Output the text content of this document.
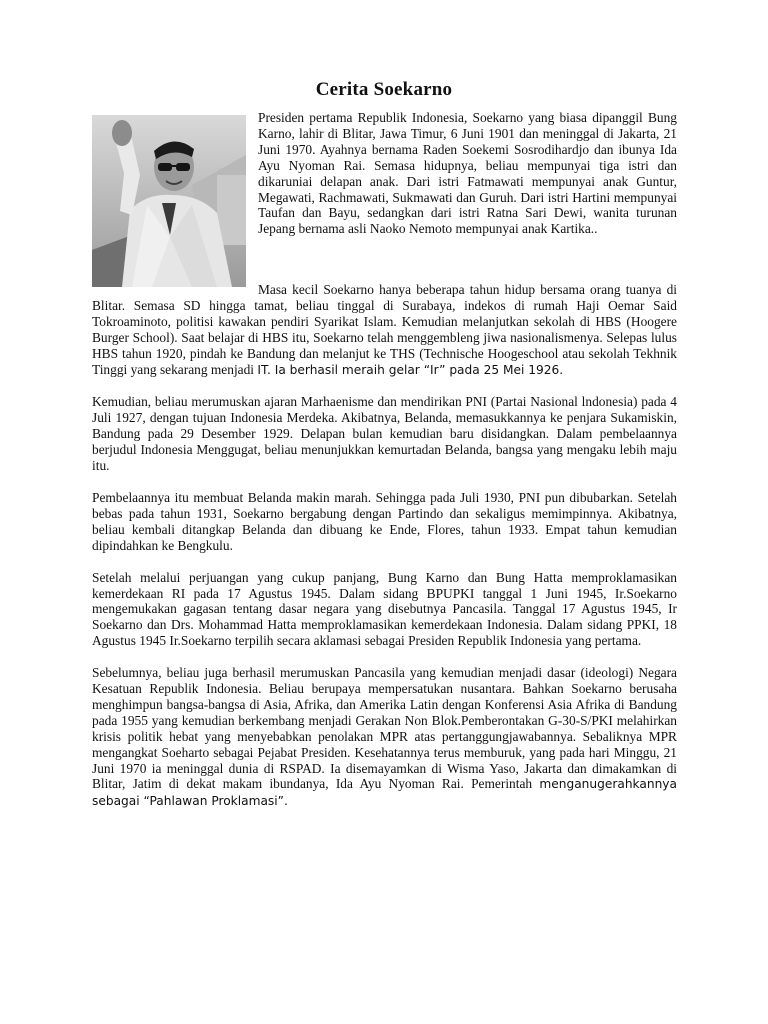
Cerita Soekarno
Presiden pertama Republik Indonesia, Soekarno yang biasa dipanggil Bung Karno, lahir di Blitar, Jawa Timur, 6 Juni 1901 dan meninggal di Jakarta, 21 Juni 1970. Ayahnya bernama Raden Soekemi Sosrodihardjo dan ibunya Ida Ayu Nyoman Rai. Semasa hidupnya, beliau mempunyai tiga istri dan dikaruniai delapan anak. Dari istri Fatmawati mempunyai anak Guntur, Megawati, Rachmawati, Sukmawati dan Guruh. Dari istri Hartini mempunyai Taufan dan Bayu, sedangkan dari istri Ratna Sari Dewi, wanita turunan Jepang bernama asli Naoko Nemoto mempunyai anak Kartika..

Masa kecil Soekarno hanya beberapa tahun hidup bersama orang tuanya di Blitar. Semasa SD hingga tamat, beliau tinggal di Surabaya, indekos di rumah Haji Oemar Said Tokroaminoto, politisi kawakan pendiri Syarikat Islam. Kemudian melanjutkan sekolah di HBS (Hoogere Burger School). Saat belajar di HBS itu, Soekarno telah menggembleng jiwa nasionalismenya. Selepas lulus HBS tahun 1920, pindah ke Bandung dan melanjut ke THS (Technische Hoogeschool atau sekolah Tekhnik Tinggi yang sekarang menjadi IT. Ia berhasil meraih gelar “Ir” pada 25 Mei 1926.

Kemudian, beliau merumuskan ajaran Marhaenisme dan mendirikan PNI (Partai Nasional lndonesia) pada 4 Juli 1927, dengan tujuan Indonesia Merdeka. Akibatnya, Belanda, memasukkannya ke penjara Sukamiskin, Bandung pada 29 Desember 1929. Delapan bulan kemudian baru disidangkan. Dalam pembelaannya berjudul Indonesia Menggugat, beliau menunjukkan kemurtadan Belanda, bangsa yang mengaku lebih maju itu.

Pembelaannya itu membuat Belanda makin marah. Sehingga pada Juli 1930, PNI pun dibubarkan. Setelah bebas pada tahun 1931, Soekarno bergabung dengan Partindo dan sekaligus memimpinnya. Akibatnya, beliau kembali ditangkap Belanda dan dibuang ke Ende, Flores, tahun 1933. Empat tahun kemudian dipindahkan ke Bengkulu.

Setelah melalui perjuangan yang cukup panjang, Bung Karno dan Bung Hatta memproklamasikan kemerdekaan RI pada 17 Agustus 1945. Dalam sidang BPUPKI tanggal 1 Juni 1945, Ir.Soekarno mengemukakan gagasan tentang dasar negara yang disebutnya Pancasila. Tanggal 17 Agustus 1945, Ir Soekarno dan Drs. Mohammad Hatta memproklamasikan kemerdekaan Indonesia. Dalam sidang PPKI, 18 Agustus 1945 Ir.Soekarno terpilih secara aklamasi sebagai Presiden Republik Indonesia yang pertama.

Sebelumnya, beliau juga berhasil merumuskan Pancasila yang kemudian menjadi dasar (ideologi) Negara Kesatuan Republik Indonesia. Beliau berupaya mempersatukan nusantara. Bahkan Soekarno berusaha menghimpun bangsa-bangsa di Asia, Afrika, dan Amerika Latin dengan Konferensi Asia Afrika di Bandung pada 1955 yang kemudian berkembang menjadi Gerakan Non Blok.Pemberontakan G-30-S/PKI melahirkan krisis politik hebat yang menyebabkan penolakan MPR atas pertanggungjawabannya. Sebaliknya MPR mengangkat Soeharto sebagai Pejabat Presiden. Kesehatannya terus memburuk, yang pada hari Minggu, 21 Juni 1970 ia meninggal dunia di RSPAD. Ia disemayamkan di Wisma Yaso, Jakarta dan dimakamkan di Blitar, Jatim di dekat makam ibundanya, Ida Ayu Nyoman Rai. Pemerintah menganugerahkannya sebagai “Pahlawan Proklamasi”.
